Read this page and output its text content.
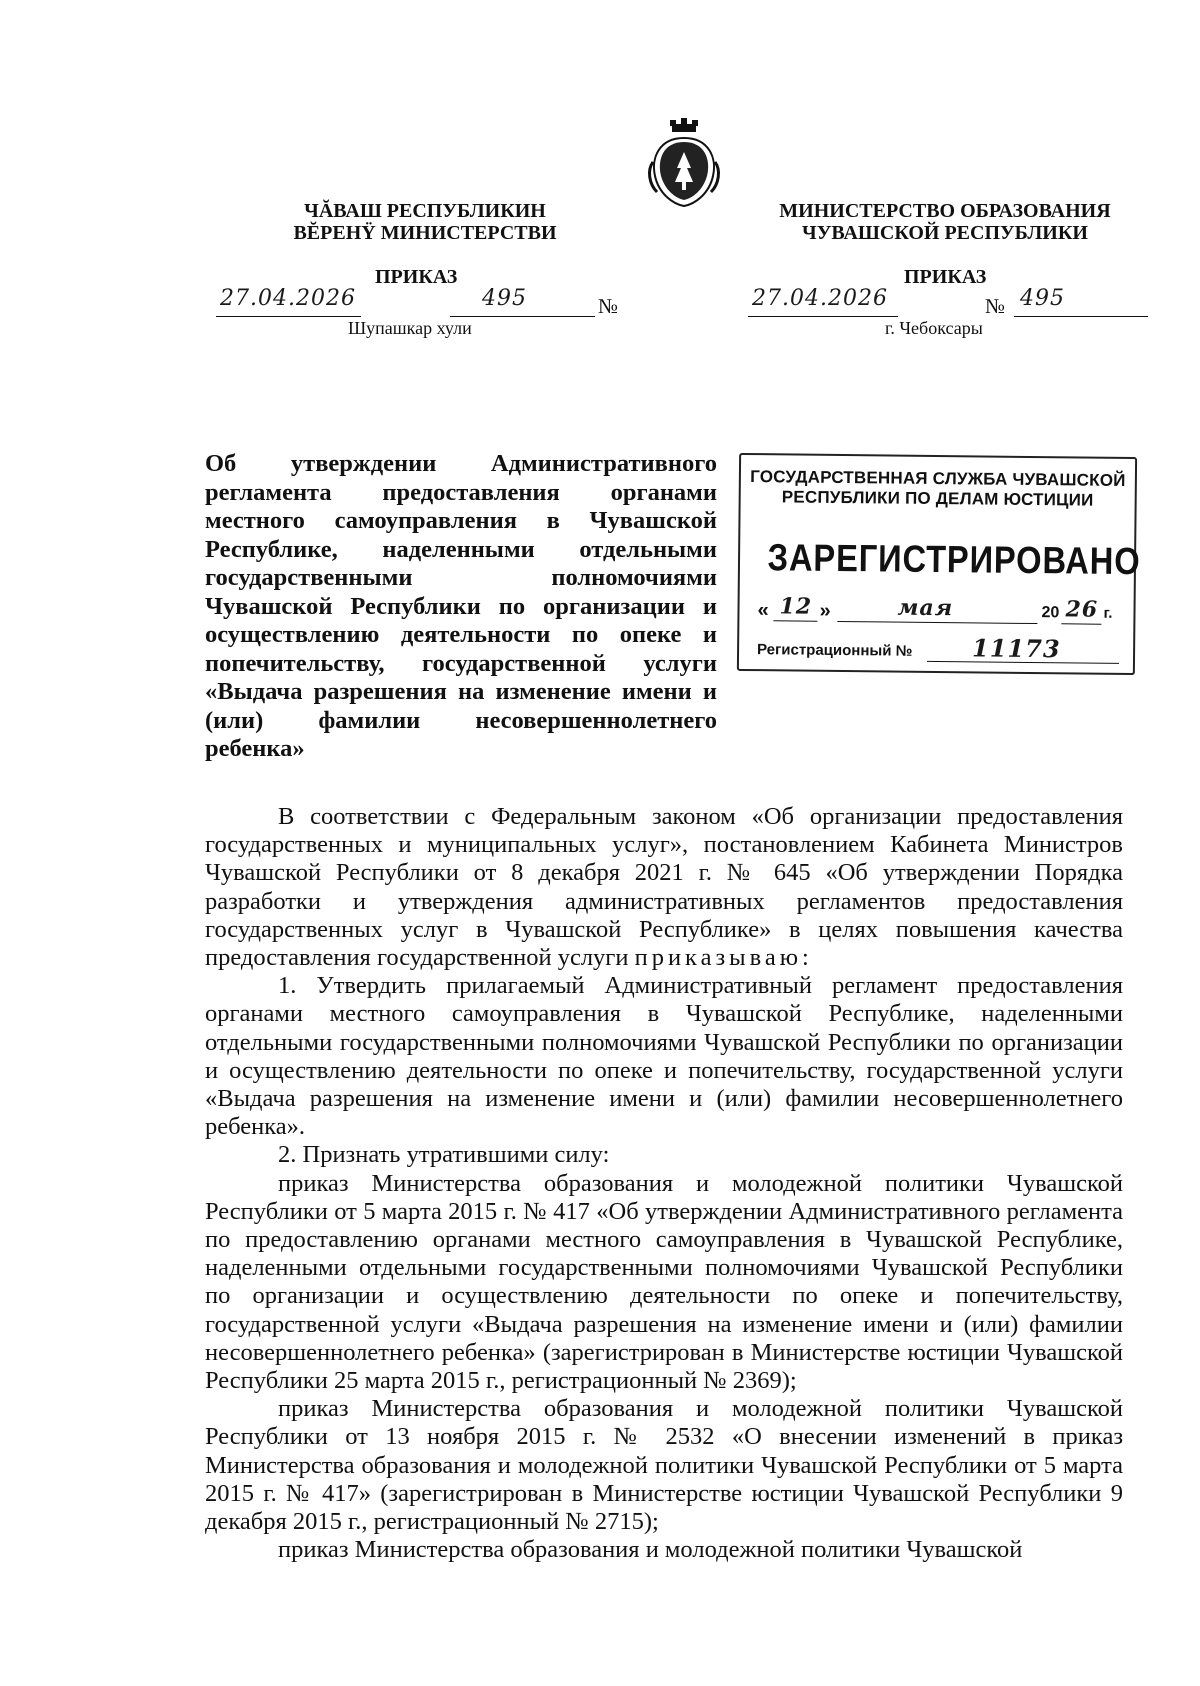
ЧĂВАШ РЕСПУБЛИКИН
ВĔРЕНŸ МИНИСТЕРСТВИ
МИНИСТЕРСТВО ОБРАЗОВАНИЯ
ЧУВАШСКОЙ РЕСПУБЛИКИ
ПРИКАЗ
27.04.2026	495	№
Шупашкар хули
ПРИКАЗ
27.04.2026	№ 495
г. Чебоксары
Об утверждении Административного регламента предоставления органами местного самоуправления в Чувашской Республике, наделенными отдельными государственными полномочиями Чувашской Республики по организации и осуществлению деятельности по опеке и попечительству, государственной услуги «Выдача разрешения на изменение имени и (или) фамилии несовершеннолетнего ребенка»
ГОСУДАРСТВЕННАЯ СЛУЖБА ЧУВАШСКОЙ
РЕСПУБЛИКИ ПО ДЕЛАМ ЮСТИЦИИ
ЗАРЕГИСТРИРОВАНО
« 12 »	мая	20 26 г.
Регистрационный № 11173

В соответствии с Федеральным законом «Об организации предоставления государственных и муниципальных услуг», постановлением Кабинета Министров Чувашской Республики от 8 декабря 2021 г. № 645 «Об утверждении Порядка разработки и утверждения административных регламентов предоставления государственных услуг в Чувашской Республике» в целях повышения качества предоставления государственной услуги приказываю:

1. Утвердить прилагаемый Административный регламент предоставления органами местного самоуправления в Чувашской Республике, наделенными отдельными государственными полномочиями Чувашской Республики по организации и осуществлению деятельности по опеке и попечительству, государственной услуги «Выдача разрешения на изменение имени и (или) фамилии несовершеннолетнего ребенка».

2. Признать утратившими силу:

приказ Министерства образования и молодежной политики Чувашской Республики от 5 марта 2015 г. № 417 «Об утверждении Административного регламента по предоставлению органами местного самоуправления в Чувашской Республике, наделенными отдельными государственными полномочиями Чувашской Республики по организации и осуществлению деятельности по опеке и попечительству, государственной услуги «Выдача разрешения на изменение имени и (или) фамилии несовершеннолетнего ребенка» (зарегистрирован в Министерстве юстиции Чувашской Республики 25 марта 2015 г., регистрационный № 2369);

приказ Министерства образования и молодежной политики Чувашской Республики от 13 ноября 2015 г. № 2532 «О внесении изменений в приказ Министерства образования и молодежной политики Чувашской Республики от 5 марта 2015 г. № 417» (зарегистрирован в Министерстве юстиции Чувашской Республики 9 декабря 2015 г., регистрационный № 2715);

приказ Министерства образования и молодежной политики Чувашской
